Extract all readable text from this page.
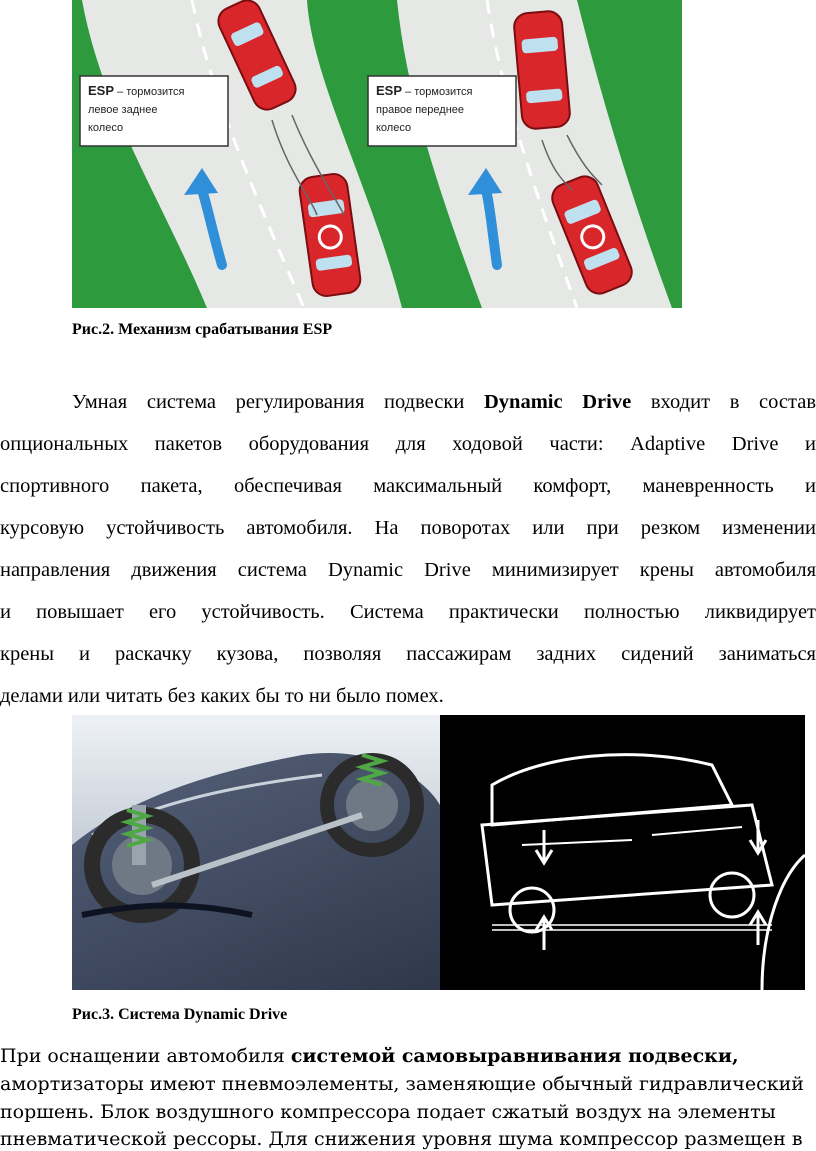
ESP – тормозится
левое заднее
колесо
ESP – тормозится
правое переднее
колесо
Рис.2. Механизм срабатывания ESP
Умная система регулирования подвески Dynamic Drive входит в состав
опциональных пакетов оборудования для ходовой части: Adaptive Drive и
спортивного пакета, обеспечивая максимальный комфорт, маневренность и
курсовую устойчивость автомобиля. На поворотах или при резком изменении
направления движения система Dynamic Drive минимизирует крены автомобиля
и повышает его устойчивость. Система практически полностью ликвидирует
крены и раскачку кузова, позволяя пассажирам задних сидений заниматься
делами или читать без каких бы то ни было помех.
Рис.3. Система Dynamic Drive
При оснащении автомобиля системой самовыравнивания подвески,
амортизаторы имеют пневмоэлементы, заменяющие обычный гидравлический
поршень. Блок воздушного компрессора подает сжатый воздух на элементы
пневматической рессоры. Для снижения уровня шума компрессор размещен в
